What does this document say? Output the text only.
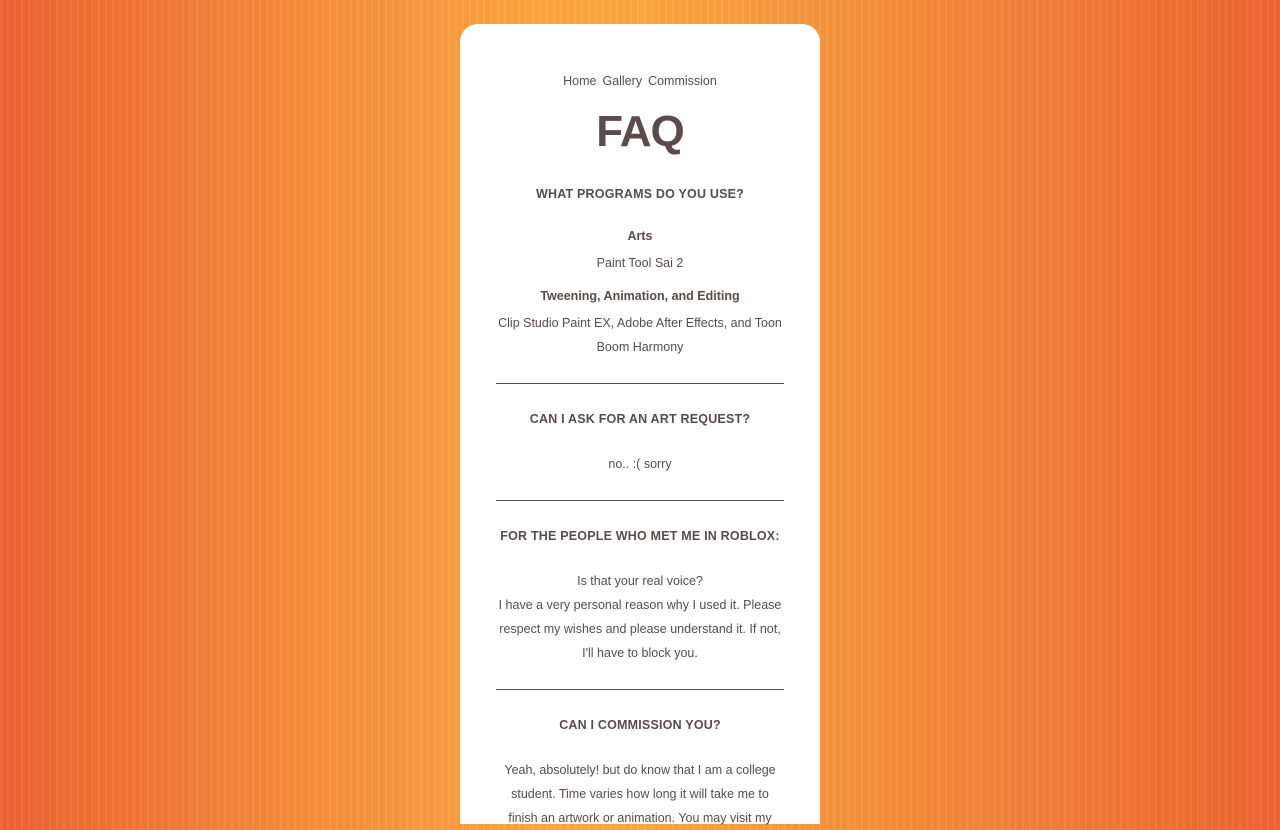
Home Gallery Commission
FAQ
WHAT PROGRAMS DO YOU USE?
Arts
Paint Tool Sai 2
Tweening, Animation, and Editing
Clip Studio Paint EX, Adobe After Effects, and Toon Boom Harmony
CAN I ASK FOR AN ART REQUEST?
no.. :( sorry
FOR THE PEOPLE WHO MET ME IN ROBLOX:
Is that your real voice?
I have a very personal reason why I used it. Please respect my wishes and please understand it. If not, I'll have to block you.
CAN I COMMISSION YOU?
Yeah, absolutely! but do know that I am a college student. Time varies how long it will take me to finish an artwork or animation. You may visit my
